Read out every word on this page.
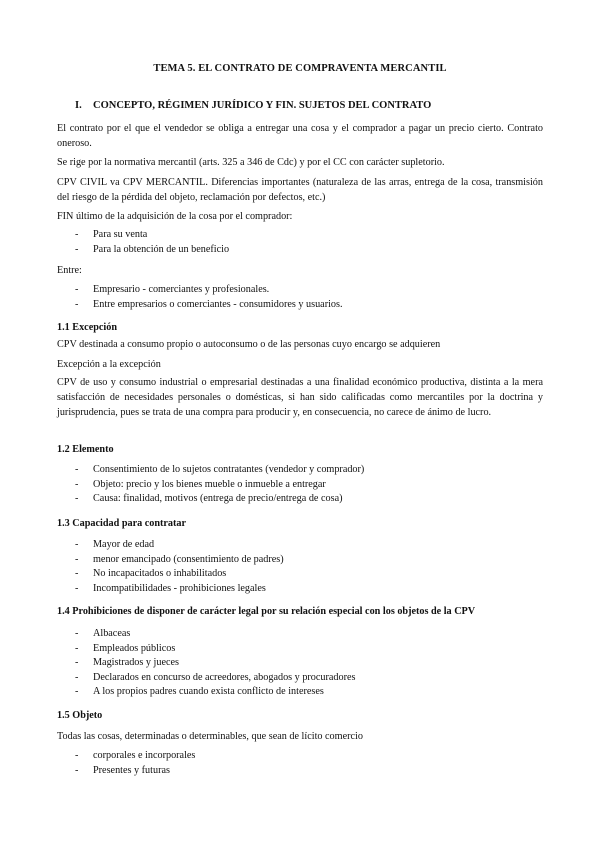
TEMA 5. EL CONTRATO DE COMPRAVENTA MERCANTIL
I. CONCEPTO, RÉGIMEN JURÍDICO Y FIN. SUJETOS DEL CONTRATO
El contrato por el que el vendedor se obliga a entregar una cosa y el comprador a pagar un precio cierto. Contrato oneroso.
Se rige por la normativa mercantil (arts. 325 a 346 de Cdc) y por el CC con carácter supletorio.
CPV CIVIL va CPV MERCANTIL. Diferencias importantes (naturaleza de las arras, entrega de la cosa, transmisión del riesgo de la pérdida del objeto, reclamación por defectos, etc.)
FIN último de la adquisición de la cosa por el comprador:
- Para su venta
- Para la obtención de un beneficio
Entre:
- Empresario - comerciantes y profesionales.
- Entre empresarios o comerciantes - consumidores y usuarios.
1.1 Excepción
CPV destinada a consumo propio o autoconsumo o de las personas cuyo encargo se adquieren
Excepción a la excepción
CPV de uso y consumo industrial o empresarial destinadas a una finalidad económico productiva, distinta a la mera satisfacción de necesidades personales o domésticas, si han sido calificadas como mercantiles por la doctrina y jurisprudencia, pues se trata de una compra para producir y, en consecuencia, no carece de ánimo de lucro.
1.2 Elemento
- Consentimiento de lo sujetos contratantes (vendedor y comprador)
- Objeto: precio y los bienes mueble o inmueble a entregar
- Causa: finalidad, motivos (entrega de precio/entrega de cosa)
1.3 Capacidad para contratar
- Mayor de edad
- menor emancipado (consentimiento de padres)
- No incapacitados o inhabilitados
- Incompatibilidades - prohibiciones legales
1.4 Prohibiciones de disponer de carácter legal por su relación especial con los objetos de la CPV
- Albaceas
- Empleados públicos
- Magistrados y jueces
- Declarados en concurso de acreedores, abogados y procuradores
- A los propios padres cuando exista conflicto de intereses
1.5 Objeto
Todas las cosas, determinadas o determinables, que sean de lícito comercio
- corporales e incorporales
- Presentes y futuras
